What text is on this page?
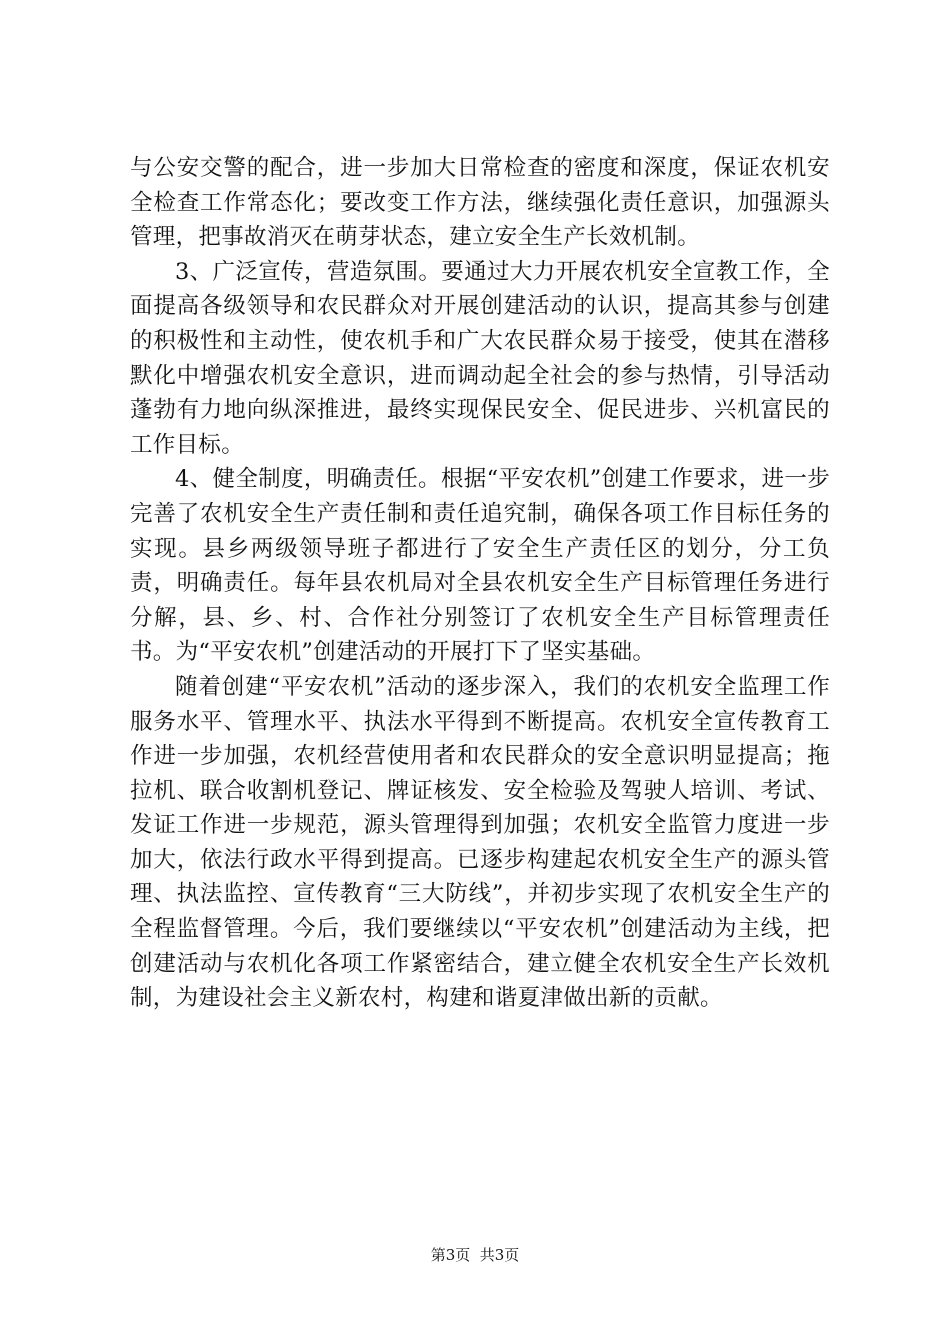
与公安交警的配合，进一步加大日常检查的密度和深度，保证农机安全检查工作常态化；要改变工作方法，继续强化责任意识，加强源头管理，把事故消灭在萌芽状态，建立安全生产长效机制。

3、广泛宣传，营造氛围。要通过大力开展农机安全宣教工作，全面提高各级领导和农民群众对开展创建活动的认识，提高其参与创建的积极性和主动性，使农机手和广大农民群众易于接受，使其在潜移默化中增强农机安全意识，进而调动起全社会的参与热情，引导活动蓬勃有力地向纵深推进，最终实现保民安全、促民进步、兴机富民的工作目标。

4、健全制度，明确责任。根据“平安农机”创建工作要求，进一步完善了农机安全生产责任制和责任追究制，确保各项工作目标任务的实现。县乡两级领导班子都进行了安全生产责任区的划分，分工负责，明确责任。每年县农机局对全县农机安全生产目标管理任务进行分解，县、乡、村、合作社分别签订了农机安全生产目标管理责任书。为“平安农机”创建活动的开展打下了坚实基础。

随着创建“平安农机”活动的逐步深入，我们的农机安全监理工作服务水平、管理水平、执法水平得到不断提高。农机安全宣传教育工作进一步加强，农机经营使用者和农民群众的安全意识明显提高；拖拉机、联合收割机登记、牌证核发、安全检验及驾驶人培训、考试、发证工作进一步规范，源头管理得到加强；农机安全监管力度进一步加大，依法行政水平得到提高。已逐步构建起农机安全生产的源头管理、执法监控、宣传教育“三大防线”，并初步实现了农机安全生产的全程监督管理。今后，我们要继续以“平安农机”创建活动为主线，把创建活动与农机化各项工作紧密结合，建立健全农机安全生产长效机制，为建设社会主义新农村，构建和谐夏津做出新的贡献。

第3页  共3页
